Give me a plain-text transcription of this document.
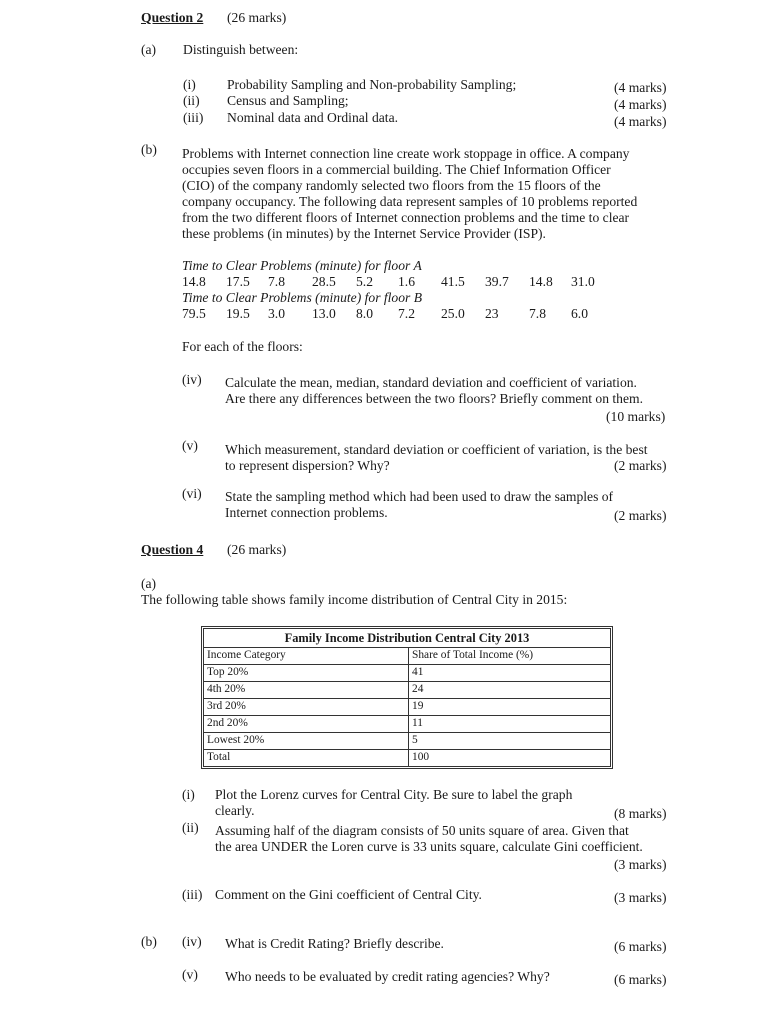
Question 2 (26 marks)
(a) Distinguish between:
(i) Probability Sampling and Non-probability Sampling;	(4 marks)
(ii) Census and Sampling;	(4 marks)
(iii) Nominal data and Ordinal data.	(4 marks)
(b) Problems with Internet connection line create work stoppage in office. A company
occupies seven floors in a commercial building. The Chief Information Officer
(CIO) of the company randomly selected two floors from the 15 floors of the
company occupancy. The following data represent samples of 10 problems reported
from the two different floors of Internet connection problems and the time to clear
these problems (in minutes) by the Internet Service Provider (ISP).
Time to Clear Problems (minute) for floor A
14.8 17.5 7.8 28.5 5.2 1.6 41.5 39.7 14.8 31.0
Time to Clear Problems (minute) for floor B
79.5 19.5 3.0 13.0 8.0 7.2 25.0 23 7.8 6.0
For each of the floors:
(iv) Calculate the mean, median, standard deviation and coefficient of variation.
Are there any differences between the two floors? Briefly comment on them.
(10 marks)
(v) Which measurement, standard deviation or coefficient of variation, is the best
to represent dispersion? Why?	(2 marks)
(vi) State the sampling method which had been used to draw the samples of
Internet connection problems.	(2 marks)
Question 4 (26 marks)
(a)
The following table shows family income distribution of Central City in 2015:
Family Income Distribution Central City 2013	
Income Category	Share of Total Income (%)
Top 20%	41
4th 20%	24
3rd 20%	19
2nd 20%	11
Lowest 20%	5
Total	100
(i) Plot the Lorenz curves for Central City. Be sure to label the graph
clearly.	(8 marks)
(ii) Assuming half of the diagram consists of 50 units square of area. Given that
the area UNDER the Loren curve is 33 units square, calculate Gini coefficient.
(3 marks)
(iii) Comment on the Gini coefficient of Central City.	(3 marks)
(b) (iv) What is Credit Rating? Briefly describe.	(6 marks)
(v) Who needs to be evaluated by credit rating agencies? Why?	(6 marks)
